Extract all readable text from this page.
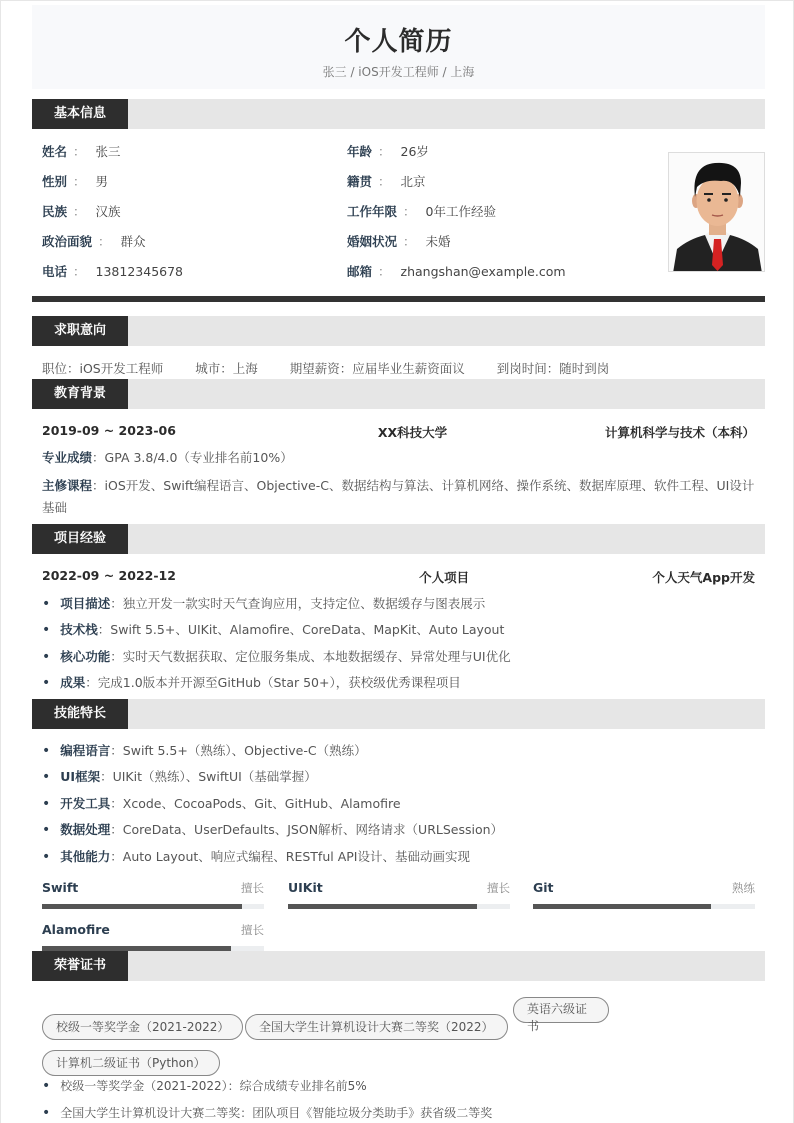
个人简历
张三 / iOS开发工程师 / 上海
基本信息
姓名 ： 张三
性别 ： 男
民族 ： 汉族
政治面貌 ： 群众
电话 ： 13812345678
年龄 ： 26岁
籍贯 ： 北京
工作年限 ： 0年工作经验
婚姻状况 ： 未婚
邮箱 ： zhangshan@example.com
求职意向
职位：iOS开发工程师	城市：上海	期望薪资：应届毕业生薪资面议	到岗时间：随时到岗
教育背景
2019-09 ~ 2023-06	XX科技大学	计算机科学与技术（本科）
专业成绩：GPA 3.8/4.0（专业排名前10%）
主修课程：iOS开发、Swift编程语言、Objective-C、数据结构与算法、计算机网络、操作系统、数据库原理、软件工程、UI设计基础
项目经验
2022-09 ~ 2022-12	个人项目	个人天气App开发
• 项目描述：独立开发一款实时天气查询应用，支持定位、数据缓存与图表展示
• 技术栈：Swift 5.5+、UIKit、Alamofire、CoreData、MapKit、Auto Layout
• 核心功能：实时天气数据获取、定位服务集成、本地数据缓存、异常处理与UI优化
• 成果：完成1.0版本并开源至GitHub（Star 50+），获校级优秀课程项目
技能特长
• 编程语言：Swift 5.5+（熟练）、Objective-C（熟练）
• UI框架：UIKit（熟练）、SwiftUI（基础掌握）
• 开发工具：Xcode、CocoaPods、Git、GitHub、Alamofire
• 数据处理：CoreData、UserDefaults、JSON解析、网络请求（URLSession）
• 其他能力：Auto Layout、响应式编程、RESTful API设计、基础动画实现
Swift	擅长 UIKit	擅长 Git	熟练
Alamofire	擅长
荣誉证书
校级一等奖学金（2021-2022）	全国大学生计算机设计大赛二等奖（2022）
英语六级证书
计算机二级证书（Python）
• 校级一等奖学金（2021-2022）：综合成绩专业排名前5%
• 全国大学生计算机设计大赛二等奖：团队项目《智能垃圾分类助手》获省级二等奖
